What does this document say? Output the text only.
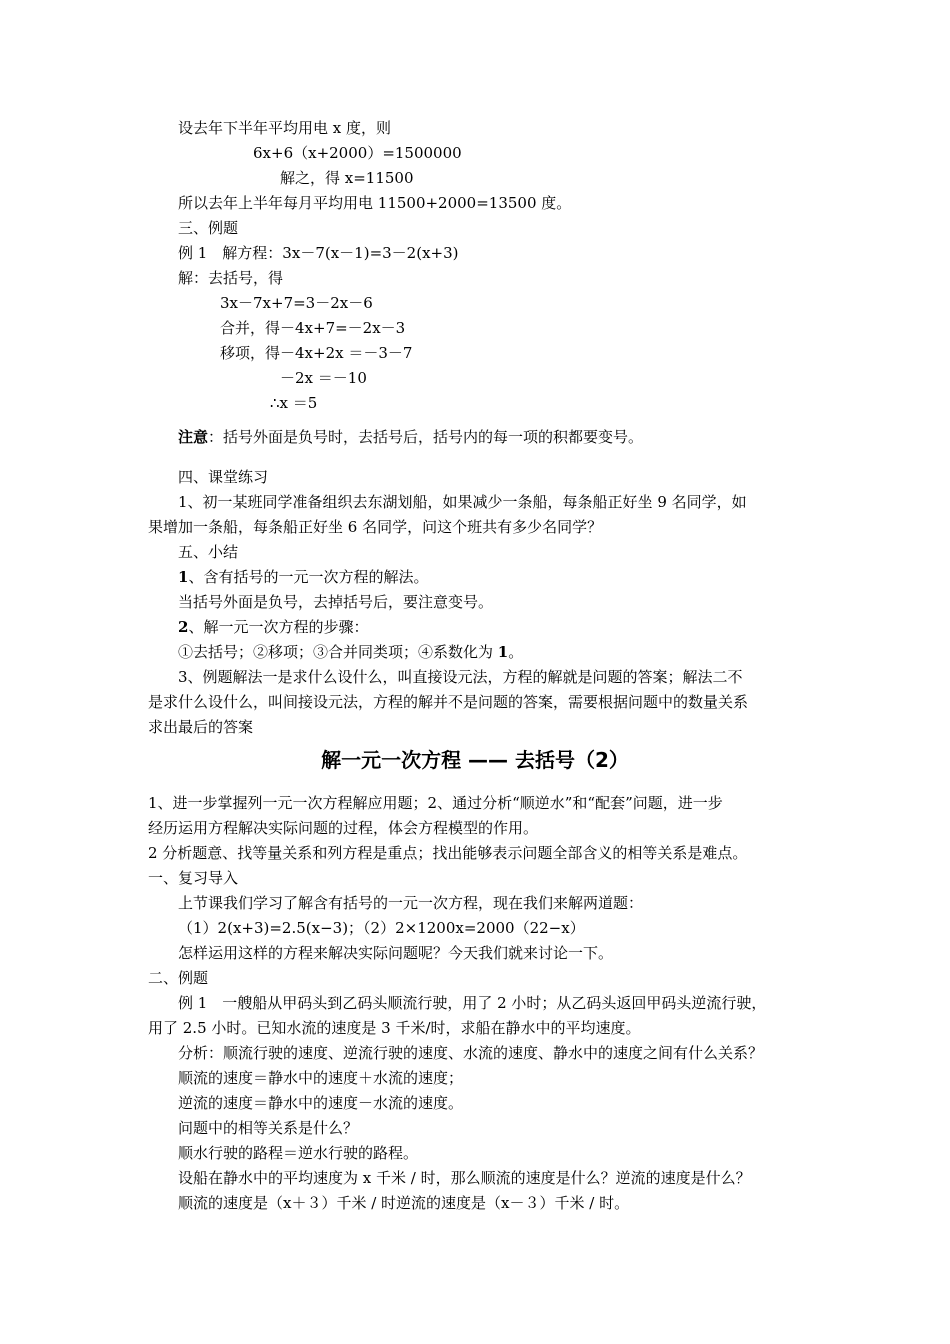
设去年下半年平均用电 x 度，则
6x+6（x+2000）=1500000
解之，得 x=11500
所以去年上半年每月平均用电 11500+2000=13500 度。
三、例题
例 1　解方程：3x－7(x－1)=3－2(x+3)
解：去括号，得
3x－7x+7=3－2x－6
合并，得－4x+7=－2x－3
移项，得－4x+2x ＝－3－7
－2x ＝－10
∴x ＝5
注意：括号外面是负号时，去括号后，括号内的每一项的积都要变号。
四、课堂练习
1、初一某班同学准备组织去东湖划船，如果减少一条船，每条船正好坐 9 名同学，如
果增加一条船，每条船正好坐 6 名同学，问这个班共有多少名同学？
五、小结
1、含有括号的一元一次方程的解法。
当括号外面是负号，去掉括号后，要注意变号。
2、解一元一次方程的步骤：
①去括号；②移项；③合并同类项；④系数化为 1。
3、例题解法一是求什么设什么，叫直接设元法，方程的解就是问题的答案；解法二不
是求什么设什么，叫间接设元法，方程的解并不是问题的答案，需要根据问题中的数量关系
求出最后的答案
解一元一次方程 —— 去括号（2）
1、进一步掌握列一元一次方程解应用题；2、通过分析“顺逆水”和“配套”问题，进一步
经历运用方程解决实际问题的过程，体会方程模型的作用。
2 分析题意、找等量关系和列方程是重点；找出能够表示问题全部含义的相等关系是难点。
一、复习导入
上节课我们学习了解含有括号的一元一次方程，现在我们来解两道题：
（1）2(x+3)=2.5(x−3)；（2）2×1200x=2000（22−x）
怎样运用这样的方程来解决实际问题呢？今天我们就来讨论一下。
二、例题
例 1　一艘船从甲码头到乙码头顺流行驶，用了 2 小时；从乙码头返回甲码头逆流行驶，
用了 2.5 小时。已知水流的速度是 3 千米/时，求船在静水中的平均速度。
分析：顺流行驶的速度、逆流行驶的速度、水流的速度、静水中的速度之间有什么关系？
顺流的速度＝静水中的速度＋水流的速度；
逆流的速度＝静水中的速度－水流的速度。
问题中的相等关系是什么？
顺水行驶的路程＝逆水行驶的路程。
设船在静水中的平均速度为 x 千米 / 时，那么顺流的速度是什么？逆流的速度是什么？
顺流的速度是（x＋３）千米 / 时逆流的速度是（x－３）千米 / 时。
